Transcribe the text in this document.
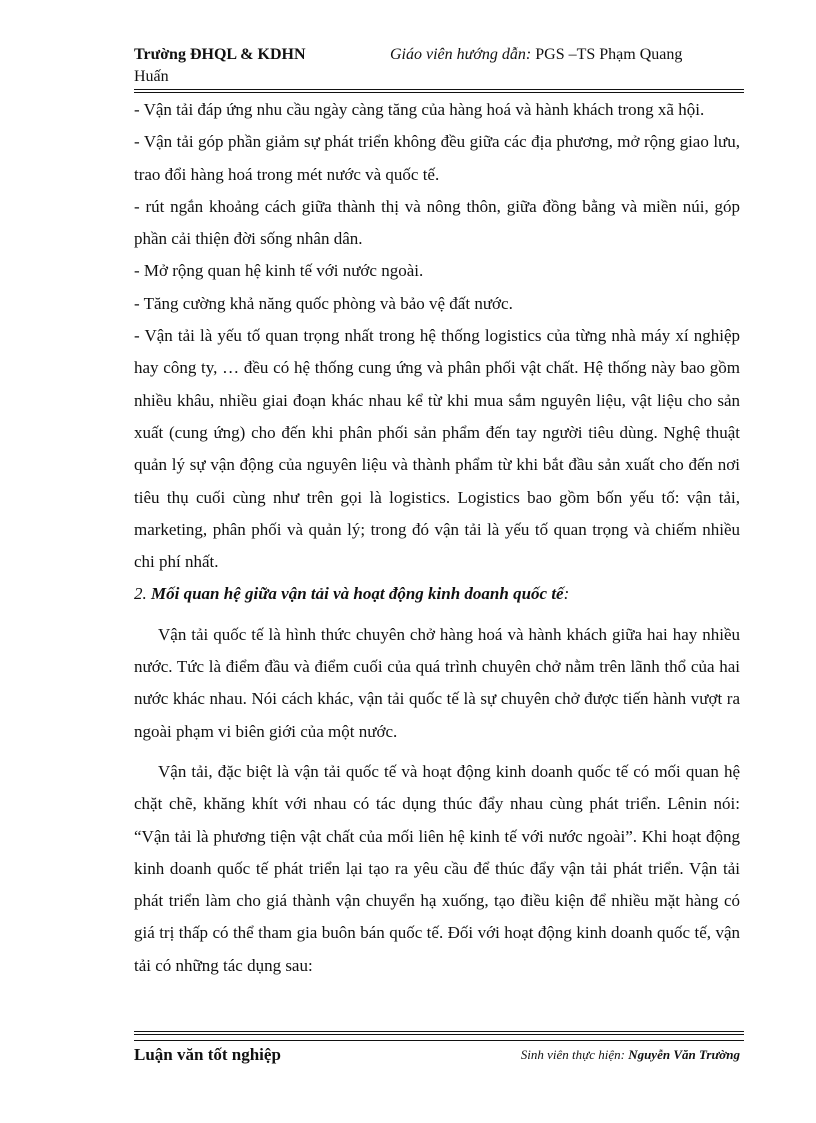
Trường ĐHQL & KDHN	Giáo viên hướng dẫn: PGS –TS Phạm Quang
Huấn

- Vận tải đáp ứng nhu cầu ngày càng tăng của hàng hoá và hành khách trong xã hội.

- Vận tải góp phần giảm sự phát triển không đều giữa các địa phương, mở rộng giao lưu, trao đổi hàng hoá trong mét nước và quốc tế.

- rút ngắn khoảng cách giữa thành thị và nông thôn, giữa đồng bằng và miền núi, góp phần cải thiện đời sống nhân dân.

- Mở rộng quan hệ kinh tế với nước ngoài.

- Tăng cường khả năng quốc phòng và bảo vệ đất nước.

- Vận tải là yếu tố quan trọng nhất trong hệ thống logistics của từng nhà máy xí nghiệp hay công ty, … đều có hệ thống cung ứng và phân phối vật chất. Hệ thống này bao gồm nhiều khâu, nhiều giai đoạn khác nhau kể từ khi mua sắm nguyên liệu, vật liệu cho sản xuất (cung ứng) cho đến khi phân phối sản phẩm đến tay người tiêu dùng. Nghệ thuật quản lý sự vận động của nguyên liệu và thành phẩm từ khi bắt đầu sản xuất cho đến nơi tiêu thụ cuối cùng như trên gọi là logistics. Logistics bao gồm bốn yếu tố: vận tải, marketing, phân phối và quản lý; trong đó vận tải là yếu tố quan trọng và chiếm nhiều chi phí nhất.

2. Mối quan hệ giữa vận tải và hoạt động kinh doanh quốc tế:

Vận tải quốc tế là hình thức chuyên chở hàng hoá và hành khách giữa hai hay nhiều nước. Tức là điểm đầu và điểm cuối của quá trình chuyên chở nằm trên lãnh thổ của hai nước khác nhau. Nói cách khác, vận tải quốc tế là sự chuyên chở được tiến hành vượt ra ngoài phạm vi biên giới của một nước.

Vận tải, đặc biệt là vận tải quốc tế và hoạt động kinh doanh quốc tế có mối quan hệ chặt chẽ, khăng khít với nhau có tác dụng thúc đẩy nhau cùng phát triển. Lênin nói: “Vận tải là phương tiện vật chất của mối liên hệ kinh tế với nước ngoài”. Khi hoạt động kinh doanh quốc tế phát triển lại tạo ra yêu cầu để thúc đẩy vận tải phát triển. Vận tải phát triển làm cho giá thành vận chuyển hạ xuống, tạo điều kiện để nhiều mặt hàng có giá trị thấp có thể tham gia buôn bán quốc tế. Đối với hoạt động kinh doanh quốc tế, vận tải có những tác dụng sau:

Luận văn tốt nghiệp	Sinh viên thực hiện: Nguyễn Văn Trường
